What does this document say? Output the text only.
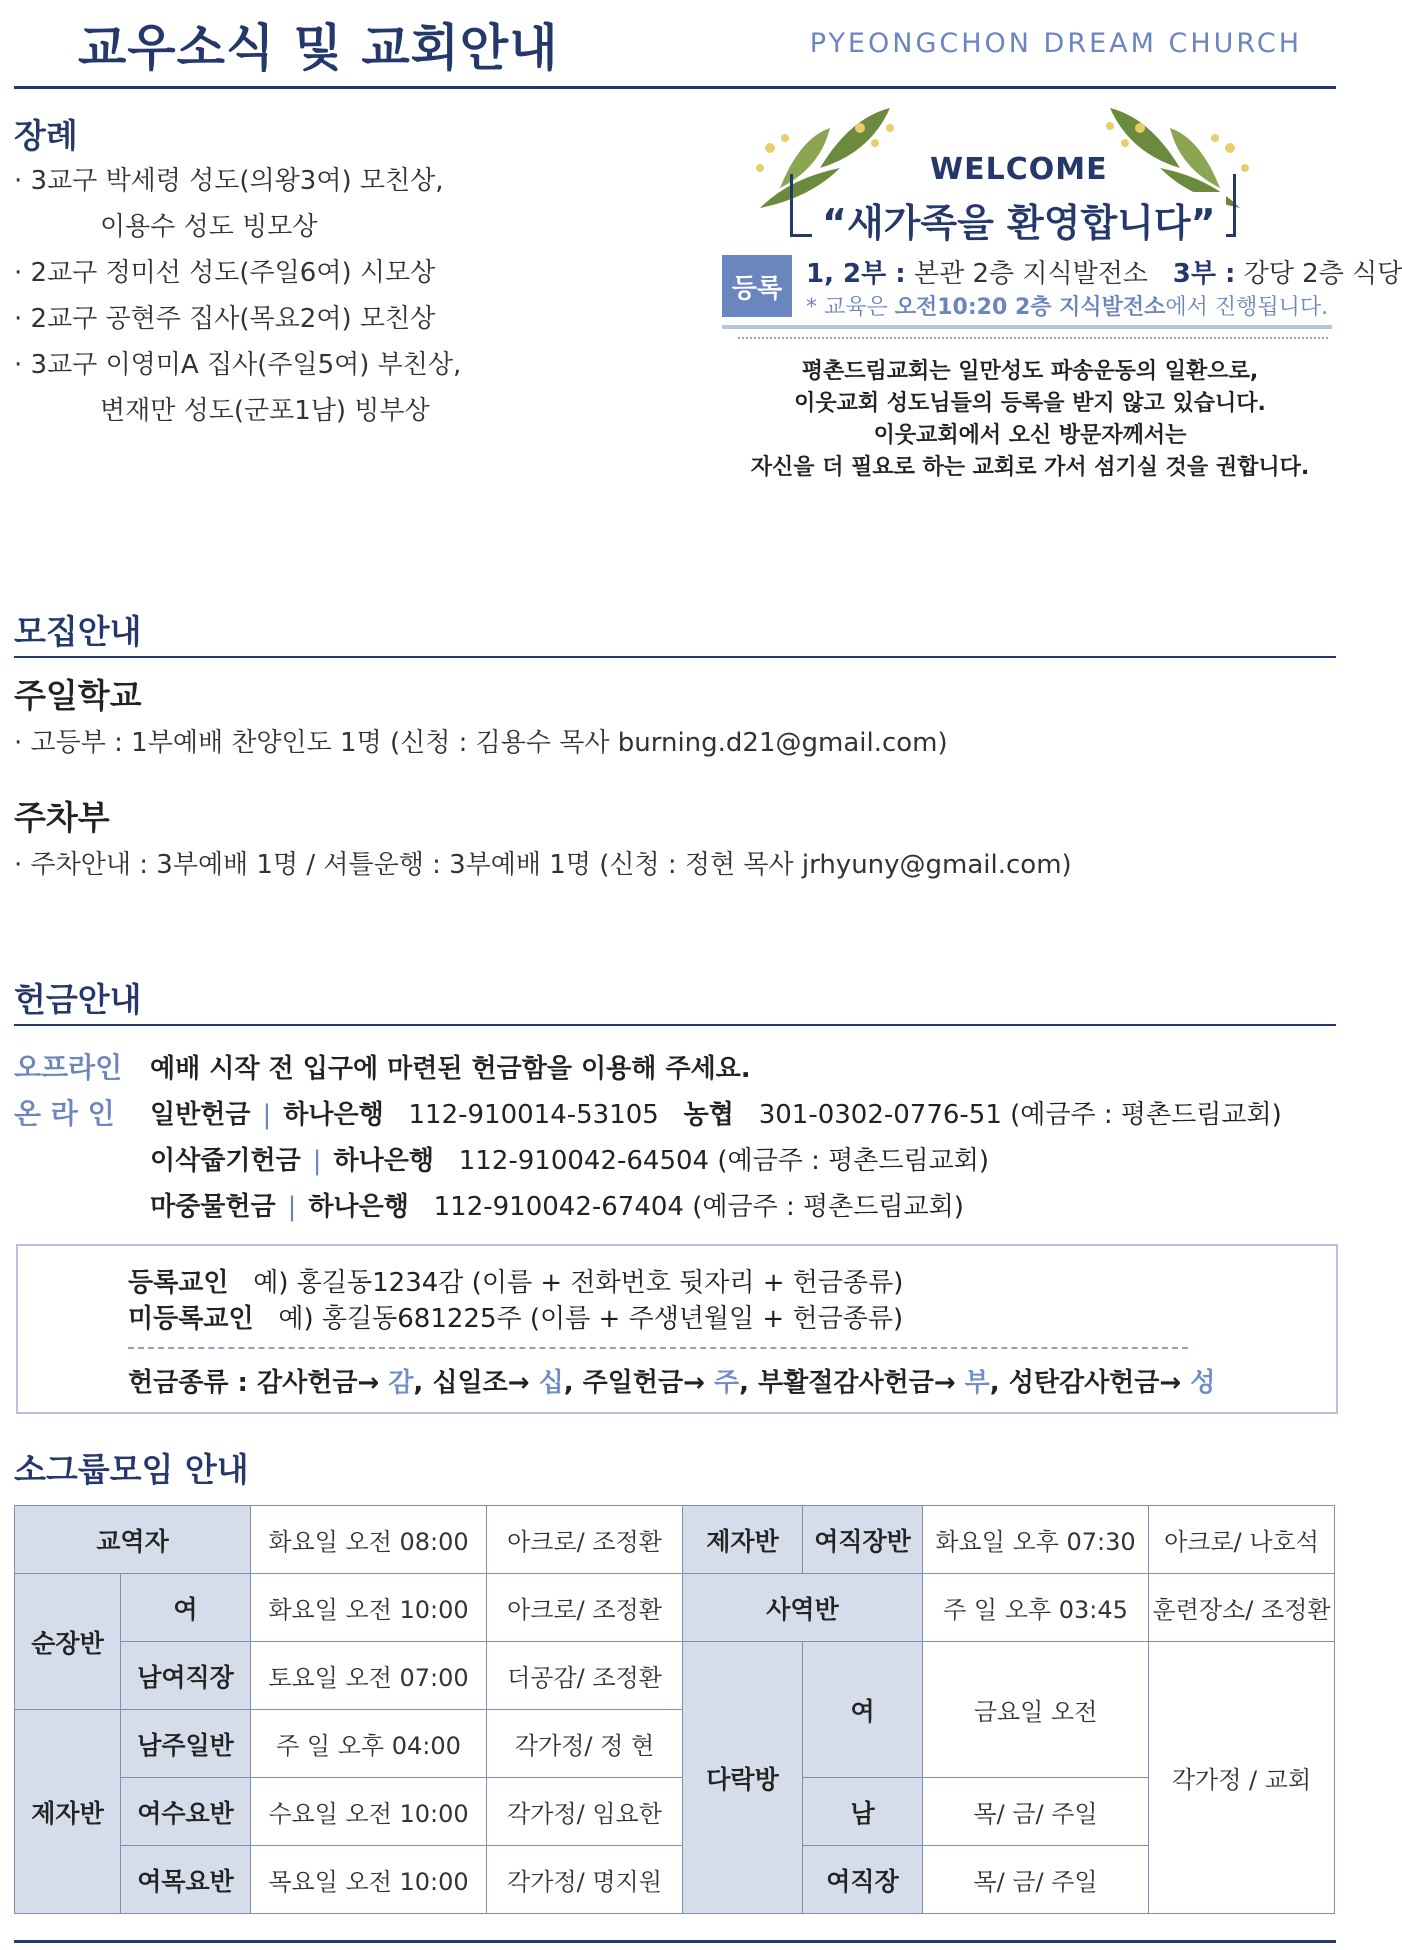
교우소식 및 교회안내	PYEONGCHON DREAM CHURCH
장례
· 3교구 박세령 성도(의왕3여) 모친상,
이용수 성도 빙모상
· 2교구 정미선 성도(주일6여) 시모상
· 2교구 공현주 집사(목요2여) 모친상
· 3교구 이영미A 집사(주일5여) 부친상,
변재만 성도(군포1남) 빙부상
WELCOME
“새가족을 환영합니다”
등록 1, 2부 : 본관 2층 지식발전소 3부 : 강당 2층 식당
* 교육은 오전10:20 2층 지식발전소에서 진행됩니다.
평촌드림교회는 일만성도 파송운동의 일환으로,
이웃교회 성도님들의 등록을 받지 않고 있습니다.
이웃교회에서 오신 방문자께서는
자신을 더 필요로 하는 교회로 가서 섬기실 것을 권합니다.
모집안내
주일학교
· 고등부 : 1부예배 찬양인도 1명 (신청 : 김용수 목사 burning.d21@gmail.com)
주차부
· 주차안내 : 3부예배 1명 / 셔틀운행 : 3부예배 1명 (신청 : 정현 목사 jrhyuny@gmail.com)
헌금안내
오프라인 예배 시작 전 입구에 마련된 헌금함을 이용해 주세요.
온 라 인 일반헌금 | 하나은행 112-910014-53105 농협 301-0302-0776-51 (예금주 : 평촌드림교회)
이삭줍기헌금 | 하나은행 112-910042-64504 (예금주 : 평촌드림교회)
마중물헌금 | 하나은행 112-910042-67404 (예금주 : 평촌드림교회)
등록교인 예) 홍길동1234감 (이름 + 전화번호 뒷자리 + 헌금종류)
미등록교인 예) 홍길동681225주 (이름 + 주생년월일 + 헌금종류)
헌금종류 : 감사헌금→ 감, 십일조→ 십, 주일헌금→ 주, 부활절감사헌금→ 부, 성탄감사헌금→ 성
소그룹모임 안내
교역자		화요일 오전 08:00	아크로/ 조정환	제자반	여직장반	화요일 오후 07:30	아크로/ 나호석
순장반	여	화요일 오전 10:00	아크로/ 조정환	사역반		주 일 오후 03:45	훈련장소/ 조정환
	남여직장	토요일 오전 07:00	더공감/ 조정환	다락방	여	금요일 오전	각가정 / 교회
제자반	남주일반	주 일 오후 04:00	각가정/ 정 현				
	여수요반	수요일 오전 10:00	각가정/ 임요한		남	목/ 금/ 주일	
	여목요반	목요일 오전 10:00	각가정/ 명지원		여직장	목/ 금/ 주일	
